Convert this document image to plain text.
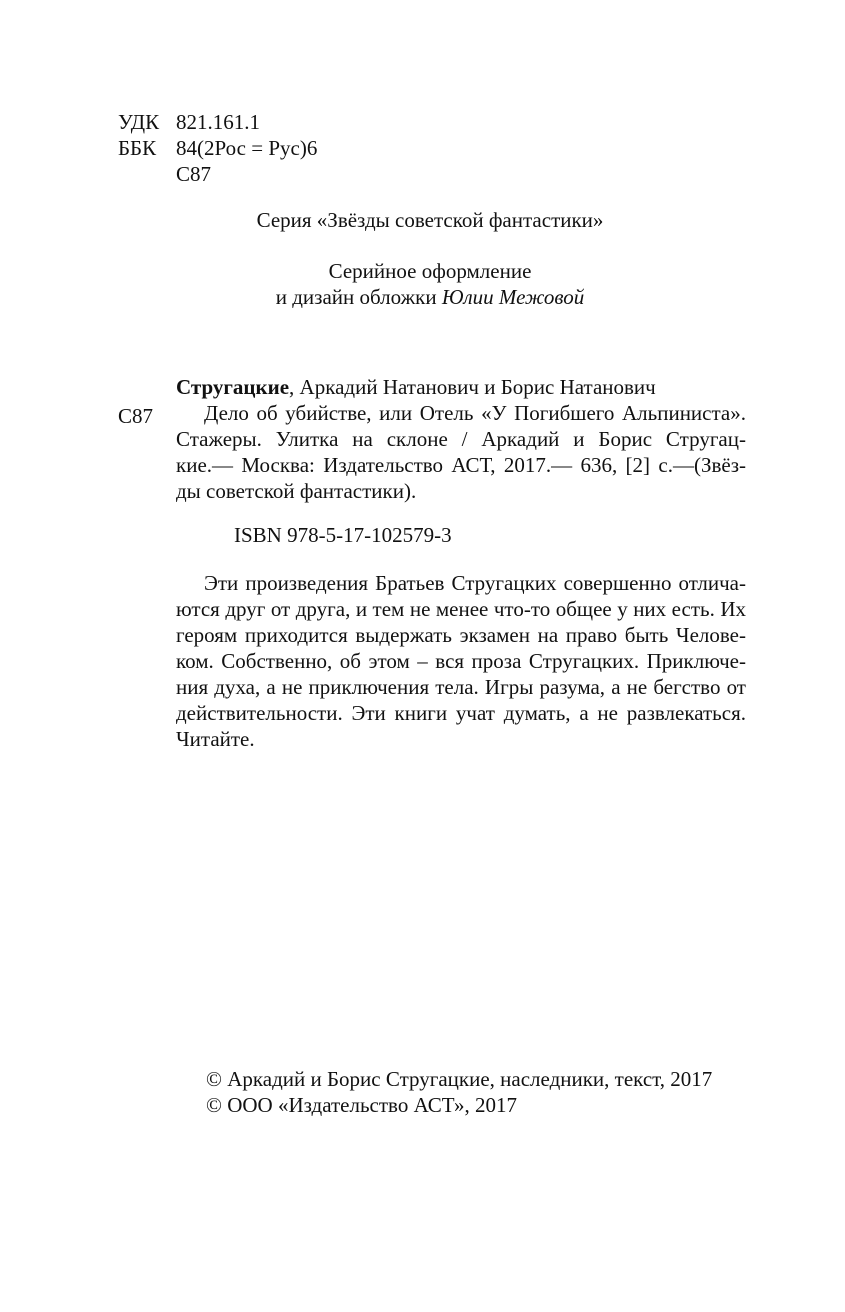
УДК 821.161.1
ББК 84(2Рос = Рус)6
С87
Серия «Звёзды советской фантастики»
Серийное оформление
и дизайн обложки Юлии Межовой
Стругацкие, Аркадий Натанович и Борис Натанович
С87	Дело об убийстве, или Отель «У Погибшего Альпиниста».
Стажеры. Улитка на склоне / Аркадий и Борис Стругац-
кие.— Москва: Издательство АСТ, 2017.— 636, [2] с.—(Звёз-
ды советской фантастики).
ISBN 978-5-17-102579-3
Эти произведения Братьев Стругацких совершенно отлича-
ются друг от друга, и тем не менее что-то общее у них есть. Их
героям приходится выдержать экзамен на право быть Челове-
ком. Собственно, об этом – вся проза Стругацких. Приключе-
ния духа, а не приключения тела. Игры разума, а не бегство от
действительности. Эти книги учат думать, а не развлекаться.
Читайте.
© Аркадий и Борис Стругацкие, наследники, текст, 2017
© ООО «Издательство АСТ», 2017
